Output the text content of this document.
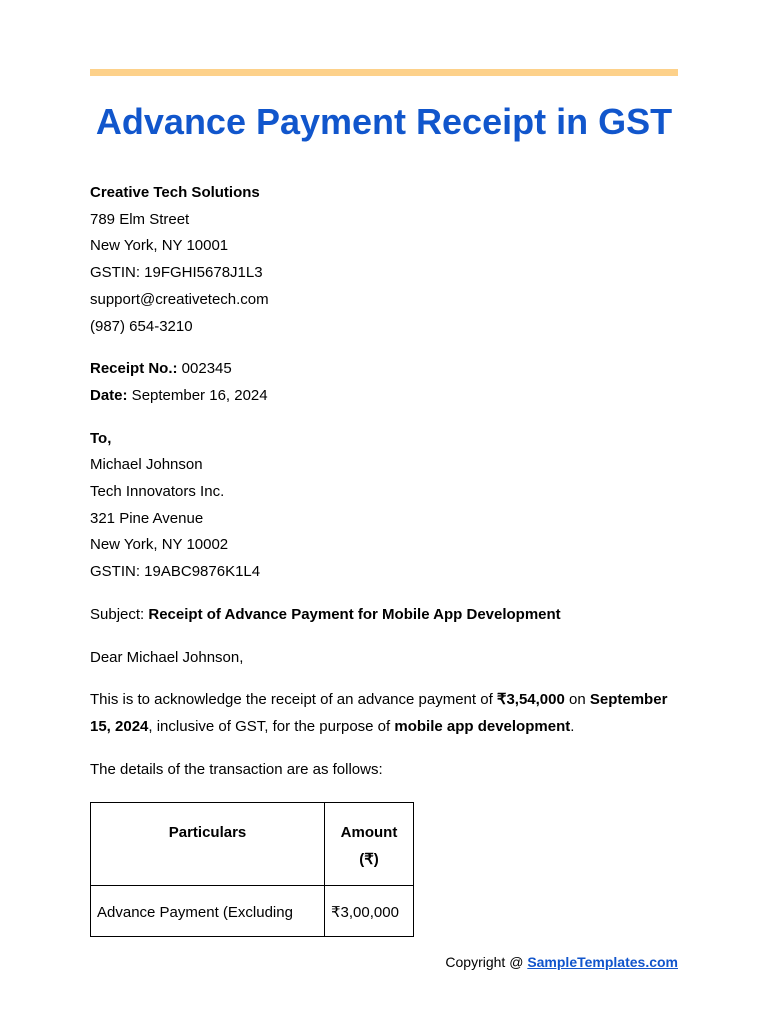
Advance Payment Receipt in GST

Creative Tech Solutions

789 Elm Street

New York, NY 10001

GSTIN: 19FGHI5678J1L3

support@creativetech.com

(987) 654-3210

Receipt No.: 002345

Date: September 16, 2024

To,

Michael Johnson

Tech Innovators Inc.

321 Pine Avenue

New York, NY 10002

GSTIN: 19ABC9876K1L4

Subject: Receipt of Advance Payment for Mobile App Development

Dear Michael Johnson,

This is to acknowledge the receipt of an advance payment of ₹3,54,000 on September 15, 2024, inclusive of GST, for the purpose of mobile app development.

The details of the transaction are as follows:

Particulars	Amount (₹)
Advance Payment (Excluding	₹3,00,000
Copyright @ SampleTemplates.com
